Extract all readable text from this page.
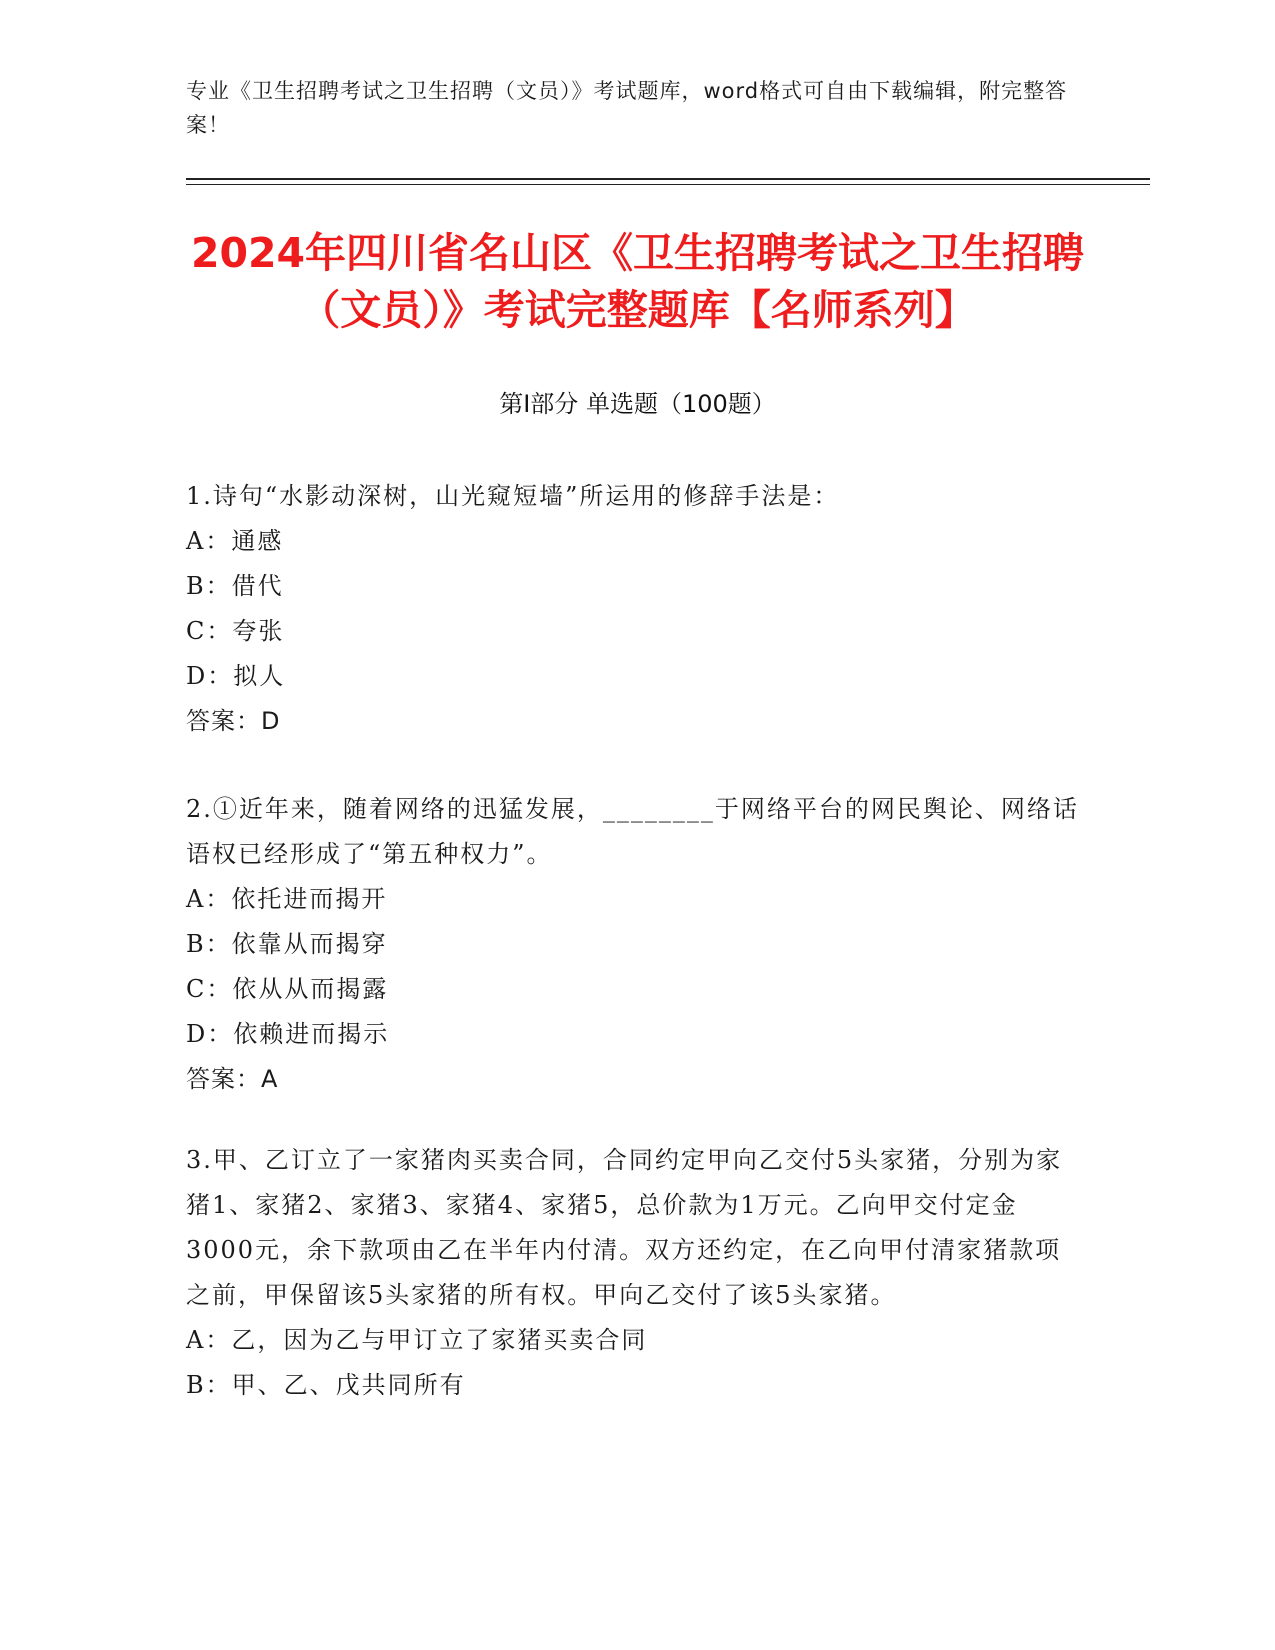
专业《卫生招聘考试之卫生招聘（文员）》考试题库，word格式可自由下载编辑，附完整答案！
2024年四川省名山区《卫生招聘考试之卫生招聘（文员）》考试完整题库【名师系列】
第Ⅰ部分 单选题（100题）
1.诗句“水影动深树，山光窥短墙”所运用的修辞手法是：
A：通感
B：借代
C：夸张
D：拟人
答案：D
2.①近年来，随着网络的迅猛发展，________于网络平台的网民舆论、网络话语权已经形成了“第五种权力”。
A：依托进而揭开
B：依靠从而揭穿
C：依从从而揭露
D：依赖进而揭示
答案：A
3.甲、乙订立了一家猪肉买卖合同，合同约定甲向乙交付5头家猪，分别为家猪1、家猪2、家猪3、家猪4、家猪5，总价款为1万元。乙向甲交付定金3000元，余下款项由乙在半年内付清。双方还约定，在乙向甲付清家猪款项之前，甲保留该5头家猪的所有权。甲向乙交付了该5头家猪。
A：乙，因为乙与甲订立了家猪买卖合同
B：甲、乙、戊共同所有
